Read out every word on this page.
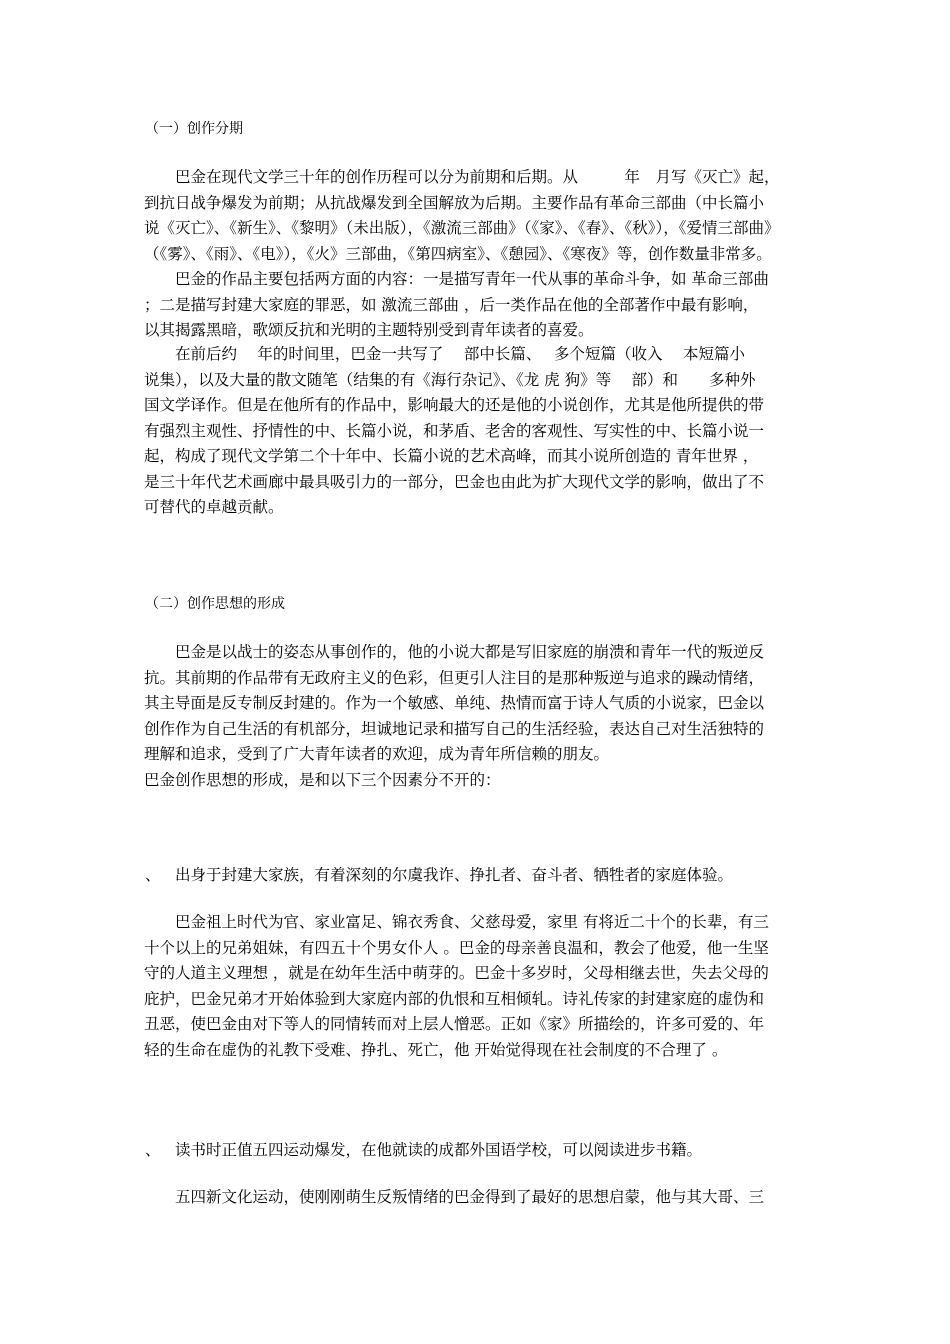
（一）创作分期
巴金在现代文学三十年的创作历程可以分为前期和后期。从　　　年　月写《灭亡》起，
到抗日战争爆发为前期；从抗战爆发到全国解放为后期。主要作品有革命三部曲（中长篇小
说《灭亡》、《新生》、《黎明》（未出版），《激流三部曲》（《家》、《春》、《秋》），《爱情三部曲》
（《雾》、《雨》、《电》），《火》三部曲，《第四病室》、《憩园》、《寒夜》等，创作数量非常多。
巴金的作品主要包括两方面的内容：一是描写青年一代从事的革命斗争，如 革命三部曲
；二是描写封建大家庭的罪恶，如 激流三部曲 ，后一类作品在他的全部著作中最有影响，
以其揭露黑暗，歌颂反抗和光明的主题特别受到青年读者的喜爱。
在前后约　 年的时间里，巴金一共写了　 部中长篇、　 多个短篇（收入　 本短篇小
说集），以及大量的散文随笔（结集的有《海行杂记》、《龙 虎 狗》等　 部）和　　多种外
国文学译作。但是在他所有的作品中，影响最大的还是他的小说创作，尤其是他所提供的带
有强烈主观性、抒情性的中、长篇小说，和茅盾、老舍的客观性、写实性的中、长篇小说一
起，构成了现代文学第二个十年中、长篇小说的艺术高峰，而其小说所创造的 青年世界 ，
是三十年代艺术画廊中最具吸引力的一部分，巴金也由此为扩大现代文学的影响，做出了不
可替代的卓越贡献。
（二）创作思想的形成
巴金是以战士的姿态从事创作的，他的小说大都是写旧家庭的崩溃和青年一代的叛逆反
抗。其前期的作品带有无政府主义的色彩，但更引人注目的是那种叛逆与追求的躁动情绪，
其主导面是反专制反封建的。作为一个敏感、单纯、热情而富于诗人气质的小说家，巴金以
创作作为自己生活的有机部分，坦诚地记录和描写自己的生活经验，表达自己对生活独特的
理解和追求，受到了广大青年读者的欢迎，成为青年所信赖的朋友。
巴金创作思想的形成，是和以下三个因素分不开的：
、 出身于封建大家族，有着深刻的尔虞我诈、挣扎者、奋斗者、牺牲者的家庭体验。
巴金祖上时代为官、家业富足、锦衣秀食、父慈母爱，家里 有将近二十个的长辈，有三
十个以上的兄弟姐妹，有四五十个男女仆人 。巴金的母亲善良温和，教会了他爱，他一生坚
守的人道主义理想 ，就是在幼年生活中萌芽的。巴金十多岁时，父母相继去世，失去父母的
庇护，巴金兄弟才开始体验到大家庭内部的仇恨和互相倾轧。诗礼传家的封建家庭的虚伪和
丑恶，使巴金由对下等人的同情转而对上层人憎恶。正如《家》所描绘的，许多可爱的、年
轻的生命在虚伪的礼教下受难、挣扎、死亡，他 开始觉得现在社会制度的不合理了 。
、 读书时正值五四运动爆发，在他就读的成都外国语学校，可以阅读进步书籍。
五四新文化运动，使刚刚萌生反叛情绪的巴金得到了最好的思想启蒙，他与其大哥、三
